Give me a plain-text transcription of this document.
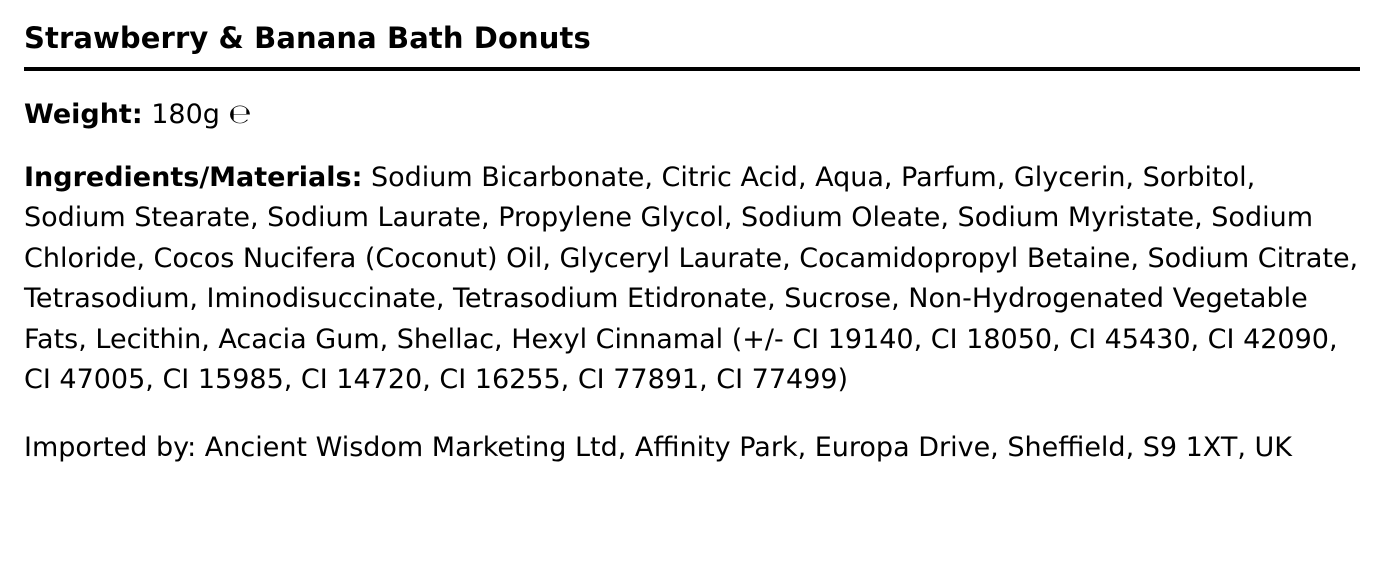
Strawberry & Banana Bath Donuts

Weight: 180g ℮

Ingredients/Materials: Sodium Bicarbonate, Citric Acid, Aqua, Parfum, Glycerin, Sorbitol, Sodium Stearate, Sodium Laurate, Propylene Glycol, Sodium Oleate, Sodium Myristate, Sodium Chloride, Cocos Nucifera (Coconut) Oil, Glyceryl Laurate, Cocamidopropyl Betaine, Sodium Citrate, Tetrasodium, Iminodisuccinate, Tetrasodium Etidronate, Sucrose, Non-Hydrogenated Vegetable Fats, Lecithin, Acacia Gum, Shellac, Hexyl Cinnamal (+/- CI 19140, CI 18050, CI 45430, CI 42090, CI 47005, CI 15985, CI 14720, CI 16255, CI 77891, CI 77499)

Imported by: Ancient Wisdom Marketing Ltd, Affinity Park, Europa Drive, Sheffield, S9 1XT, UK
